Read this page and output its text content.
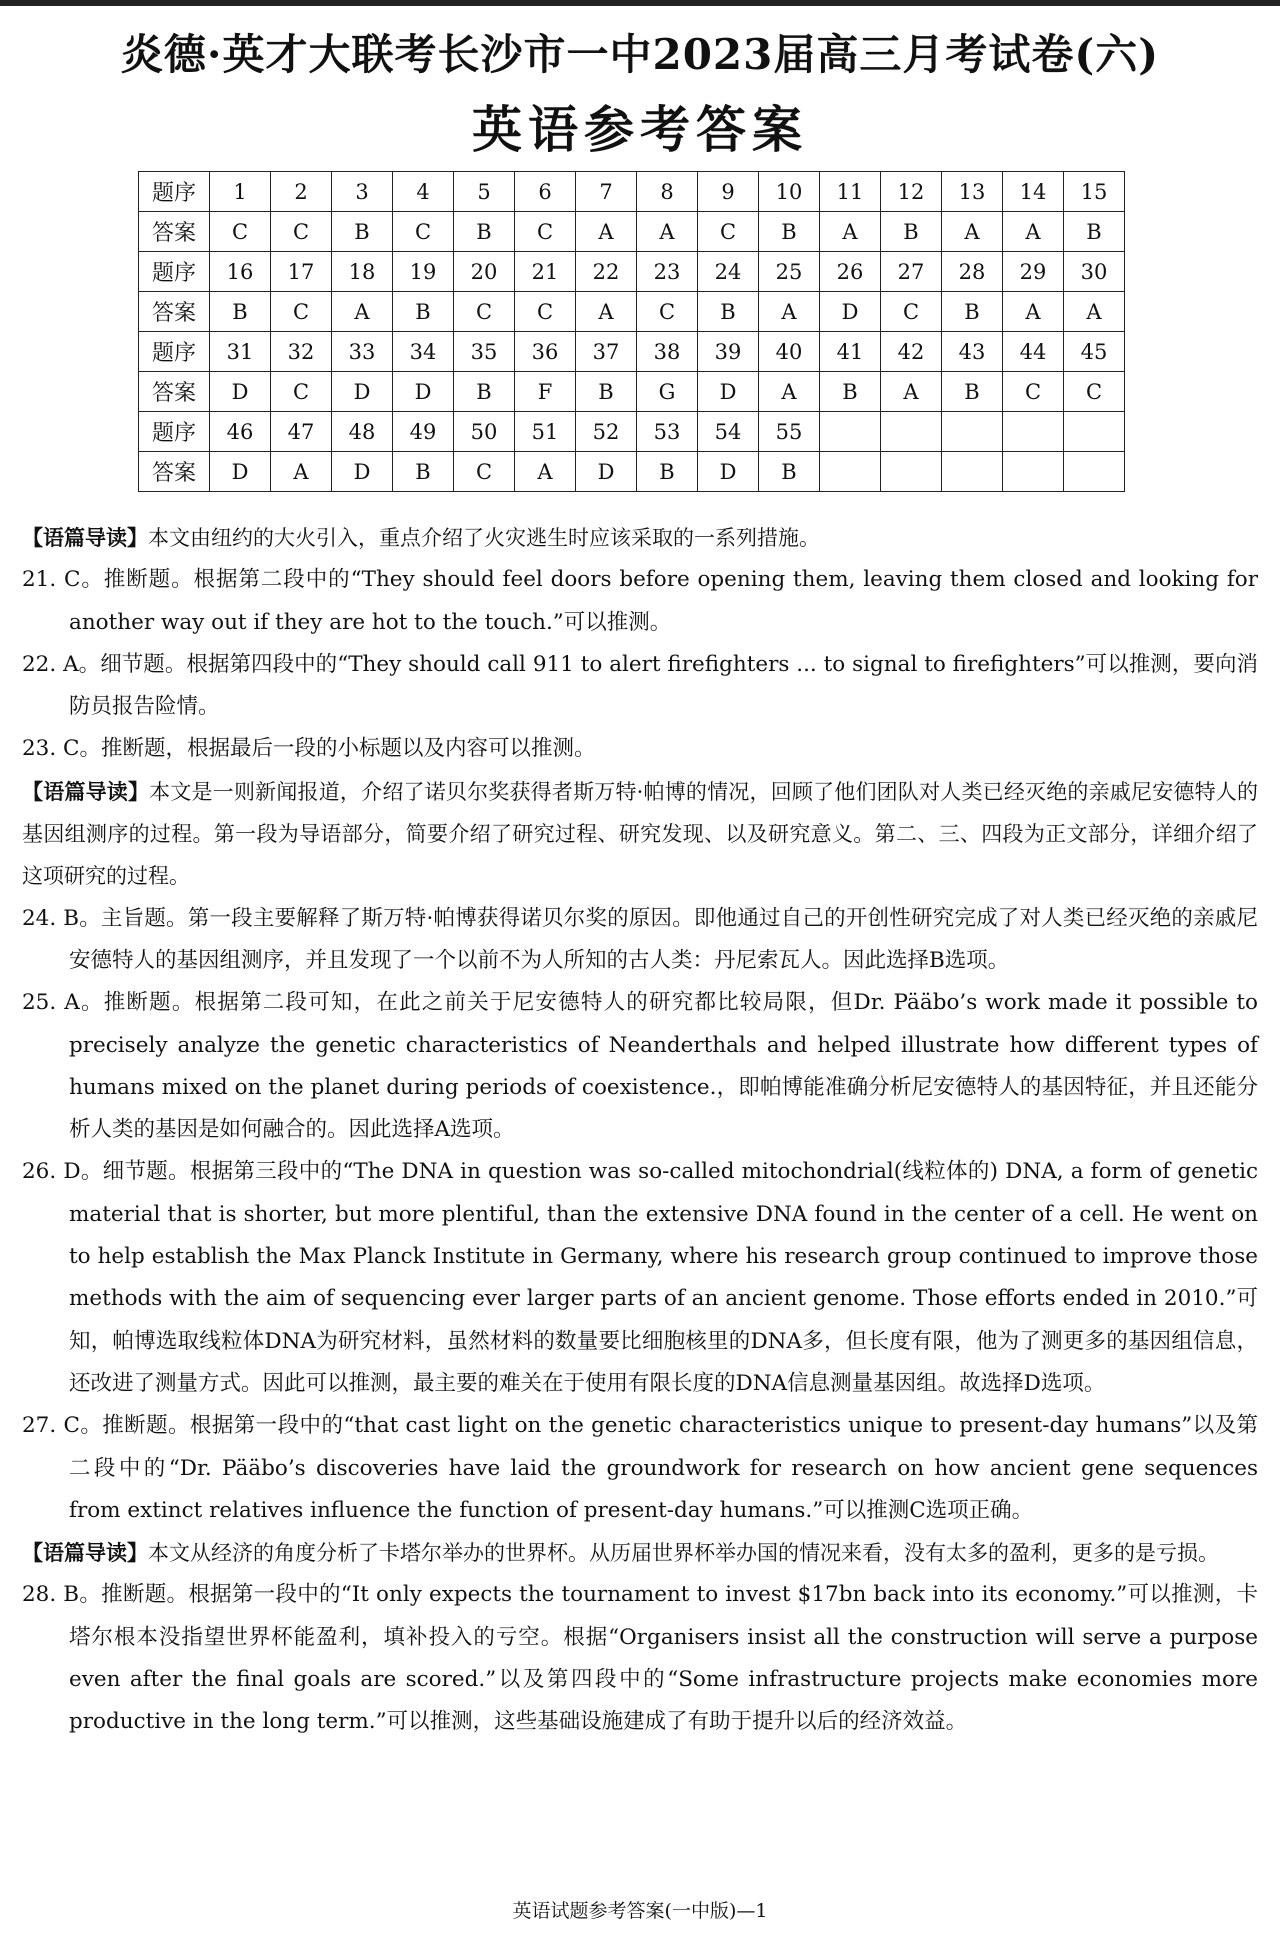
炎德·英才大联考长沙市一中2023届高三月考试卷(六)
英语参考答案
题序	1	2	3	4	5	6	7	8	9	10	11	12	13	14	15
答案	C	C	B	C	B	C	A	A	C	B	A	B	A	A	B
题序	16	17	18	19	20	21	22	23	24	25	26	27	28	29	30
答案	B	C	A	B	C	C	A	C	B	A	D	C	B	A	A
题序	31	32	33	34	35	36	37	38	39	40	41	42	43	44	45
答案	D	C	D	D	B	F	B	G	D	A	B	A	B	C	C
题序	46	47	48	49	50	51	52	53	54	55					
答案	D	A	D	B	C	A	D	B	D	B					

【语篇导读】本文由纽约的大火引入，重点介绍了火灾逃生时应该采取的一系列措施。

21. C。推断题。根据第二段中的“They should feel doors before opening them, leaving them closed and looking for another way out if they are hot to the touch.”可以推测。

22. A。细节题。根据第四段中的“They should call 911 to alert firefighters ... to signal to firefighters”可以推测，要向消防员报告险情。

23. C。推断题，根据最后一段的小标题以及内容可以推测。

【语篇导读】本文是一则新闻报道，介绍了诺贝尔奖获得者斯万特·帕博的情况，回顾了他们团队对人类已经灭绝的亲戚尼安德特人的基因组测序的过程。第一段为导语部分，简要介绍了研究过程、研究发现、以及研究意义。第二、三、四段为正文部分，详细介绍了这项研究的过程。

24. B。主旨题。第一段主要解释了斯万特·帕博获得诺贝尔奖的原因。即他通过自己的开创性研究完成了对人类已经灭绝的亲戚尼安德特人的基因组测序，并且发现了一个以前不为人所知的古人类：丹尼索瓦人。因此选择B选项。

25. A。推断题。根据第二段可知，在此之前关于尼安德特人的研究都比较局限，但Dr. Pääbo’s work made it possible to precisely analyze the genetic characteristics of Neanderthals and helped illustrate how different types of humans mixed on the planet during periods of coexistence.，即帕博能准确分析尼安德特人的基因特征，并且还能分析人类的基因是如何融合的。因此选择A选项。

26. D。细节题。根据第三段中的“The DNA in question was so-called mitochondrial(线粒体的) DNA, a form of genetic material that is shorter, but more plentiful, than the extensive DNA found in the center of a cell. He went on to help establish the Max Planck Institute in Germany, where his research group continued to improve those methods with the aim of sequencing ever larger parts of an ancient genome. Those efforts ended in 2010.”可知，帕博选取线粒体DNA为研究材料，虽然材料的数量要比细胞核里的DNA多，但长度有限，他为了测更多的基因组信息，还改进了测量方式。因此可以推测，最主要的难关在于使用有限长度的DNA信息测量基因组。故选择D选项。

27. C。推断题。根据第一段中的“that cast light on the genetic characteristics unique to present-day humans”以及第二段中的“Dr. Pääbo’s discoveries have laid the groundwork for research on how ancient gene sequences from extinct relatives influence the function of present-day humans.”可以推测C选项正确。

【语篇导读】本文从经济的角度分析了卡塔尔举办的世界杯。从历届世界杯举办国的情况来看，没有太多的盈利，更多的是亏损。

28. B。推断题。根据第一段中的“It only expects the tournament to invest $17bn back into its economy.”可以推测，卡塔尔根本没指望世界杯能盈利，填补投入的亏空。根据“Organisers insist all the construction will serve a purpose even after the final goals are scored.”以及第四段中的“Some infrastructure projects make economies more productive in the long term.”可以推测，这些基础设施建成了有助于提升以后的经济效益。

英语试题参考答案(一中版)—1
